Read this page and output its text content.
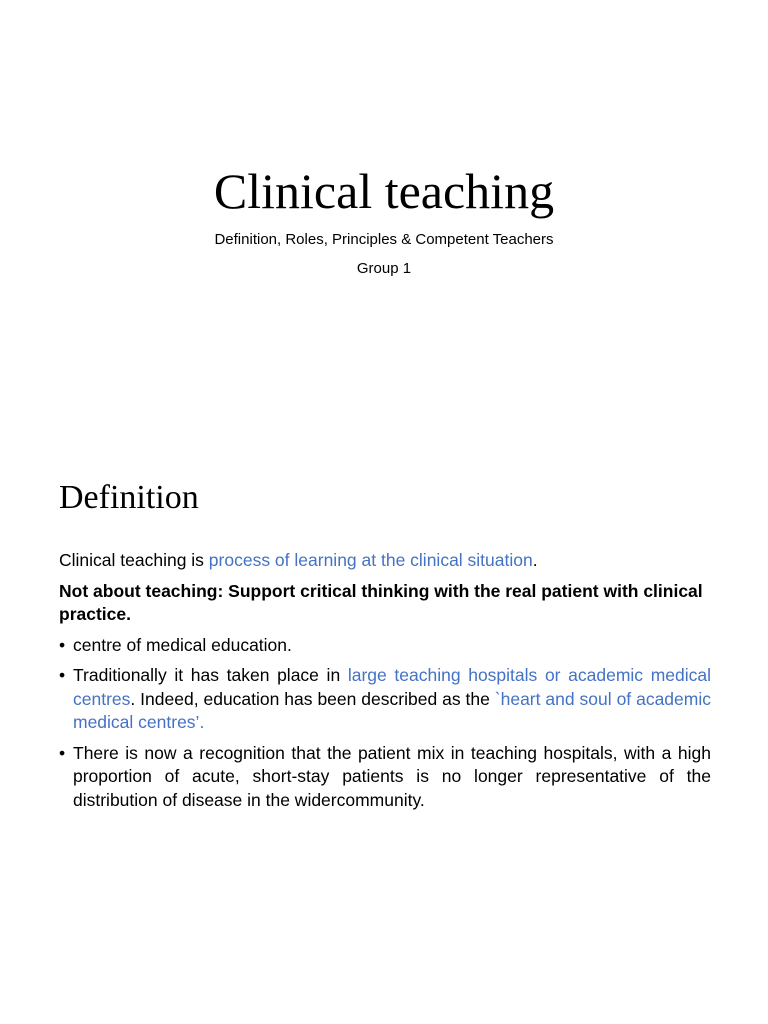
Clinical teaching
Definition, Roles, Principles & Competent Teachers
Group 1
Definition

Clinical teaching is process of learning at the clinical situation.

Not about teaching: Support critical thinking with the real patient with clinical practice.

• centre of medical education.
• Traditionally it has taken place in large teaching hospitals or academic medical centres. Indeed, education has been described as the `heart and soul of academic medical centres’.
• There is now a recognition that the patient mix in teaching hospitals, with a high proportion of acute, short-stay patients is no longer representative of the distribution of disease in the widercommunity.
